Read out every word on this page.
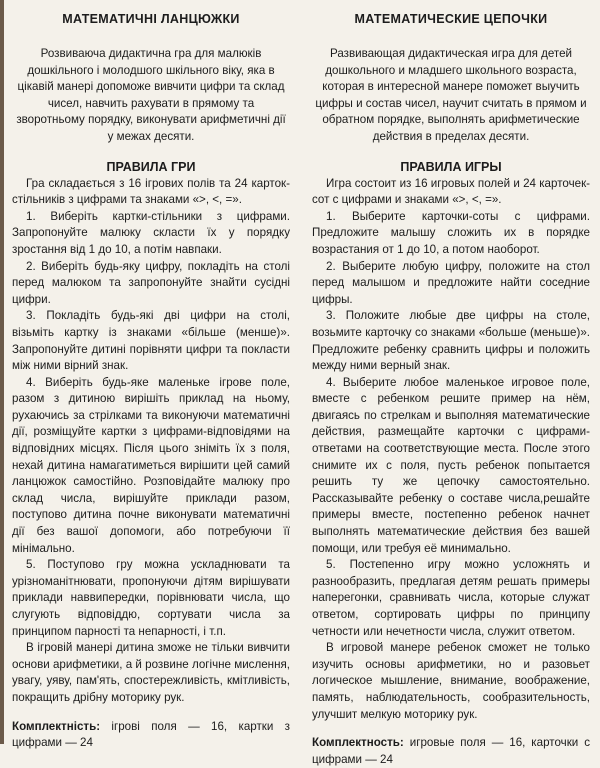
МАТЕМАТИЧНІ ЛАНЦЮЖКИ

Розвиваюча дидактична гра для малюків дошкільного і молодшого шкільного віку, яка в цікавій манері допоможе вивчити цифри та склад чисел, навчить рахувати в прямому та зворотньому порядку, виконувати арифметичні дії у межах десяти.

ПРАВИЛА ГРИ

Гра складається з 16 ігрових полів та 24 карток-стільників з цифрами та знаками «>, <, =».

1. Виберіть картки-стільники з цифрами. Запропонуйте малюку скласти їх у порядку зростання від 1 до 10, а потім навпаки.

2. Виберіть будь-яку цифру, покладіть на столі перед малюком та запропонуйте знайти сусідні цифри.

3. Покладіть будь-які дві цифри на столі, візьміть картку із знаками «більше (менше)». Запропонуйте дитині порівняти цифри та покласти між ними вірний знак.

4. Виберіть будь-яке маленьке ігрове поле, разом з дитиною вирішіть приклад на ньому, рухаючись за стрілками та виконуючи математичні дії, розміщуйте картки з цифрами-відповідями на відповідних місцях. Після цього зніміть їх з поля, нехай дитина намагатиметься вирішити цей самий ланцюжок самостійно. Розповідайте малюку про склад числа, вирішуйте приклади разом, поступово дитина почне виконувати математичні дії без вашої допомоги, або потребуючи її мінімально.

5. Поступово гру можна ускладнювати та урізноманітнювати, пропонуючи дітям вирішувати приклади наввипередки, порівнювати числа, що слугують відповіддю, сортувати числа за принципом парності та непарності, і т.п.

В ігровій манері дитина зможе не тільки вивчити основи арифметики, а й розвине логічне мислення, увагу, уяву, пам'ять, спостережливість, кмітливість, покращить дрібну моторику рук.

Комплектність: ігрові поля — 16, картки з цифрами — 24

МАТЕМАТИЧЕСКИЕ ЦЕПОЧКИ

Развивающая дидактическая игра для детей дошкольного и младшего школьного возраста, которая в интересной манере поможет выучить цифры и состав чисел, научит считать в прямом и обратном порядке, выполнять арифметические действия в пределах десяти.

ПРАВИЛА ИГРЫ

Игра состоит из 16 игровых полей и 24 карточек-сот с цифрами и знаками «>, <, =».

1. Выберите карточки-соты с цифрами. Предложите малышу сложить их в порядке возрастания от 1 до 10, а потом наоборот.

2. Выберите любую цифру, положите на стол перед малышом и предложите найти соседние цифры.

3. Положите любые две цифры на столе, возьмите карточку со знаками «больше (меньше)». Предложите ребенку сравнить цифры и положить между ними верный знак.

4. Выберите любое маленькое игровое поле, вместе с ребенком решите пример на нём, двигаясь по стрелкам и выполняя математические действия, размещайте карточки с цифрами-ответами на соответствующие места. После этого снимите их с поля, пусть ребенок попытается решить ту же цепочку самостоятельно. Рассказывайте ребенку о составе числа,решайте примеры вместе, постепенно ребенок начнет выполнять математические действия без вашей помощи, или требуя её минимально.

5. Постепенно игру можно усложнять и разнообразить, предлагая детям решать примеры наперегонки, сравнивать числа, которые служат ответом, сортировать цифры по принципу четности или нечетности числа, служит ответом.

В игровой манере ребенок сможет не только изучить основы арифметики, но и разовьет логическое мышление, внимание, воображение, память, наблюдательность, сообразительность, улучшит мелкую моторику рук.

Комплектность: игровые поля — 16, карточки с цифрами — 24
